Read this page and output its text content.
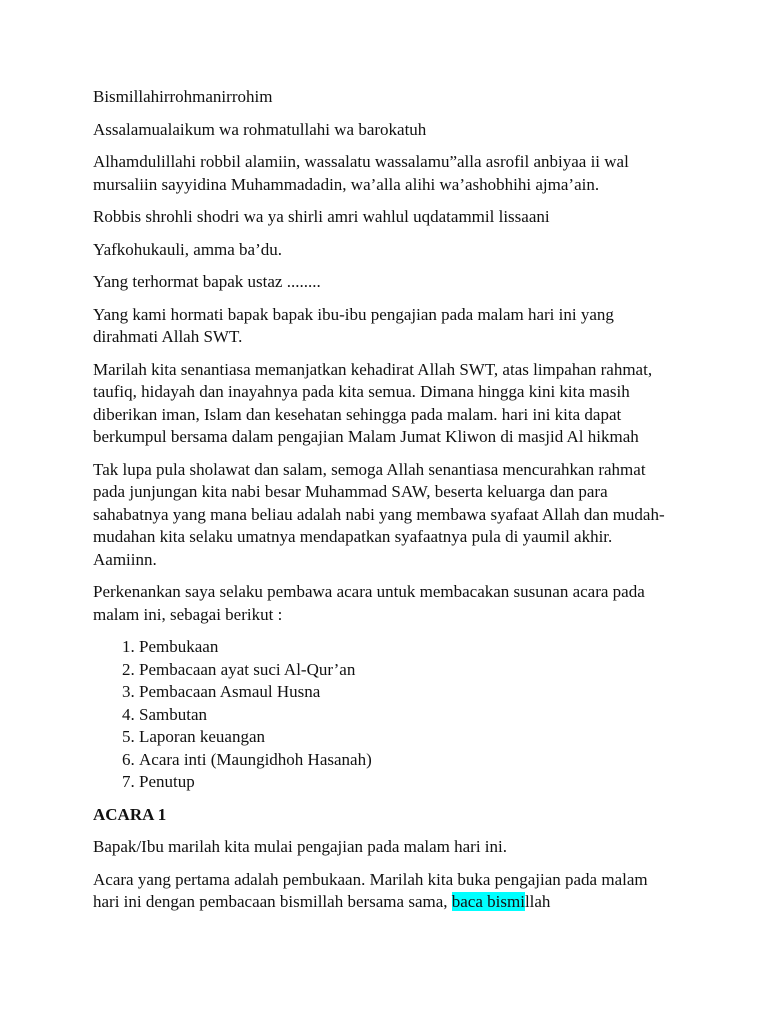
Bismillahirrohmanirrohim

Assalamualaikum wa rohmatullahi wa barokatuh

Alhamdulillahi robbil alamiin, wassalatu wassalamu”alla asrofil anbiyaa ii wal mursaliin sayyidina Muhammadadin, wa’alla alihi wa’ashobhihi ajma’ain.

Robbis shrohli shodri wa ya shirli amri wahlul uqdatammil lissaani

Yafkohukauli, amma ba’du.

Yang terhormat bapak ustaz ........

Yang kami hormati bapak bapak ibu-ibu pengajian pada malam hari ini yang dirahmati Allah SWT.

Marilah kita senantiasa memanjatkan kehadirat Allah SWT, atas limpahan rahmat, taufiq, hidayah dan inayahnya pada kita semua. Dimana hingga kini kita masih diberikan iman, Islam dan kesehatan sehingga pada malam. hari ini kita dapat berkumpul bersama dalam pengajian Malam Jumat Kliwon di masjid Al hikmah

Tak lupa pula sholawat dan salam, semoga Allah senantiasa mencurahkan rahmat pada junjungan kita nabi besar Muhammad SAW, beserta keluarga dan para sahabatnya yang mana beliau adalah nabi yang membawa syafaat Allah dan mudah-mudahan kita selaku umatnya mendapatkan syafaatnya pula di yaumil akhir. Aamiinn.

Perkenankan saya selaku pembawa acara untuk membacakan susunan acara pada malam ini, sebagai berikut :

1. Pembukaan
2. Pembacaan ayat suci Al-Qur’an
3. Pembacaan Asmaul Husna
4. Sambutan
5. Laporan keuangan
6. Acara inti (Maungidhoh Hasanah)
7. Penutup

ACARA 1

Bapak/Ibu marilah kita mulai pengajian pada malam hari ini.

Acara yang pertama adalah pembukaan. Marilah kita buka pengajian pada malam hari ini dengan pembacaan bismillah bersama sama, baca bismillah
